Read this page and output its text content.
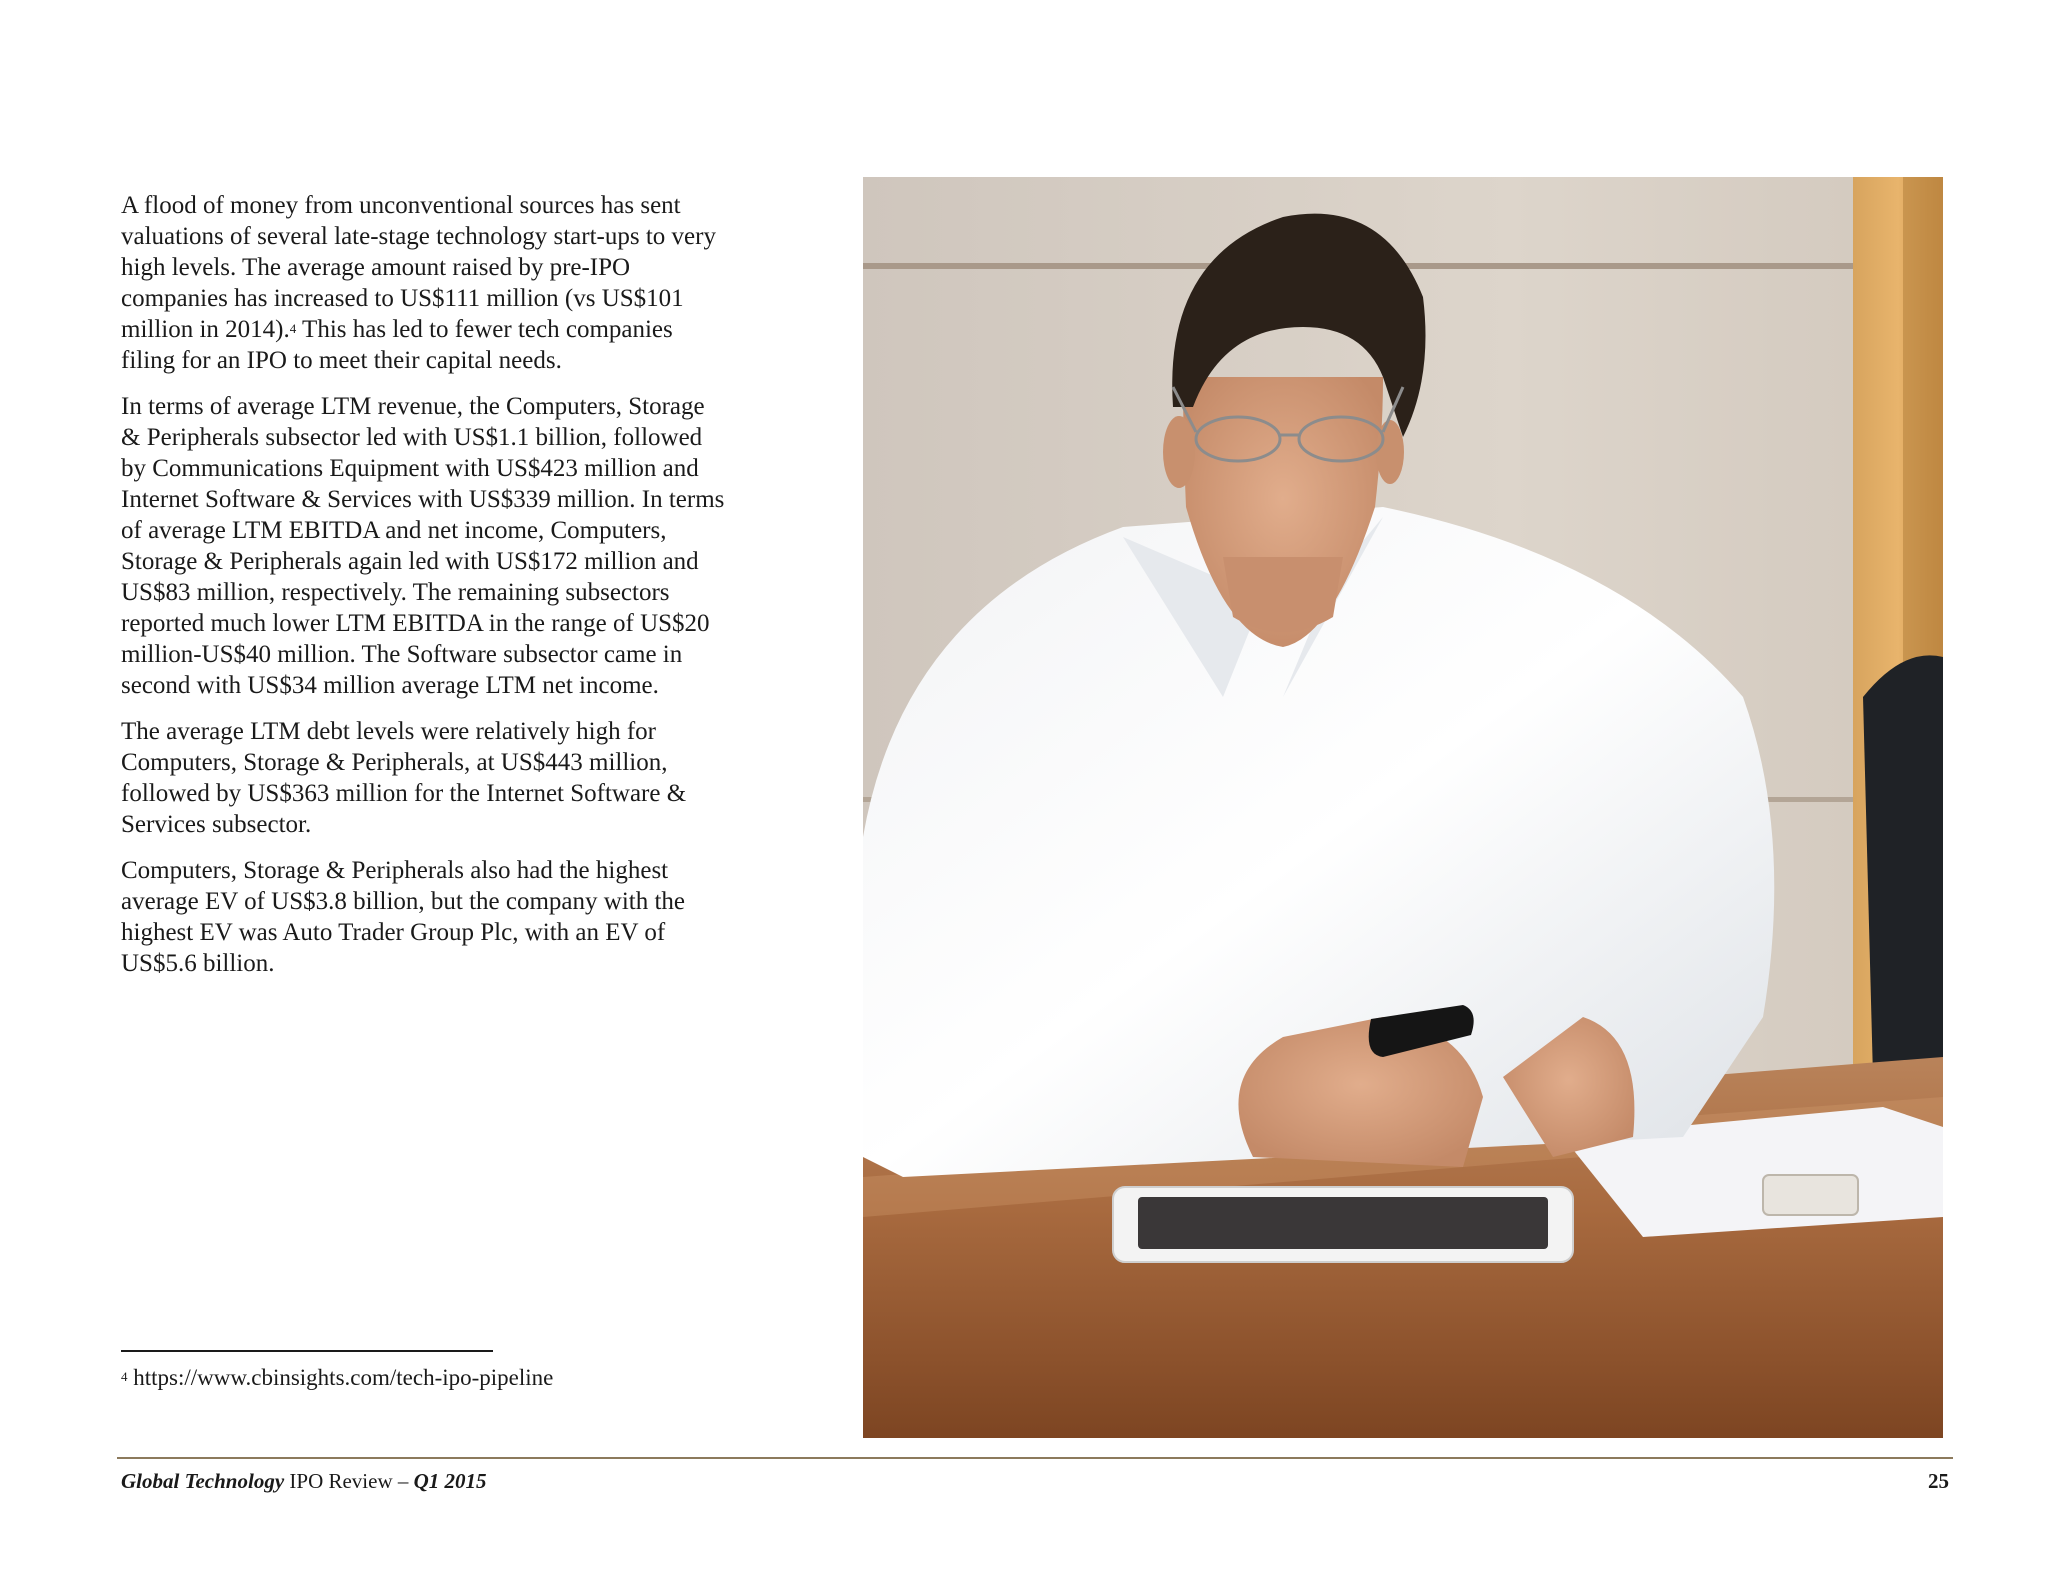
A flood of money from unconventional sources has sent valuations of several late-stage technology start-ups to very high levels. The average amount raised by pre-IPO companies has increased to US$111 million (vs US$101 million in 2014).$^4$ This has led to fewer tech companies filing for an IPO to meet their capital needs.

In terms of average LTM revenue, the Computers, Storage & Peripherals subsector led with US$1.1 billion, followed by Communications Equipment with US$423 million and Internet Software & Services with US$339 million. In terms of average LTM EBITDA and net income, Computers, Storage & Peripherals again led with US$172 million and US$83 million, respectively. The remaining subsectors reported much lower LTM EBITDA in the range of US$20 million-US$40 million. The Software subsector came in second with US$34 million average LTM net income.

The average LTM debt levels were relatively high for Computers, Storage & Peripherals, at US$443 million, followed by US$363 million for the Internet Software & Services subsector.

Computers, Storage & Peripherals also had the highest average EV of US$3.8 billion, but the company with the highest EV was Auto Trader Group Plc, with an EV of US$5.6 billion.

$^4$ https://www.cbinsights.com/tech-ipo-pipeline
Global Technology IPO Review – Q1 2015	25
